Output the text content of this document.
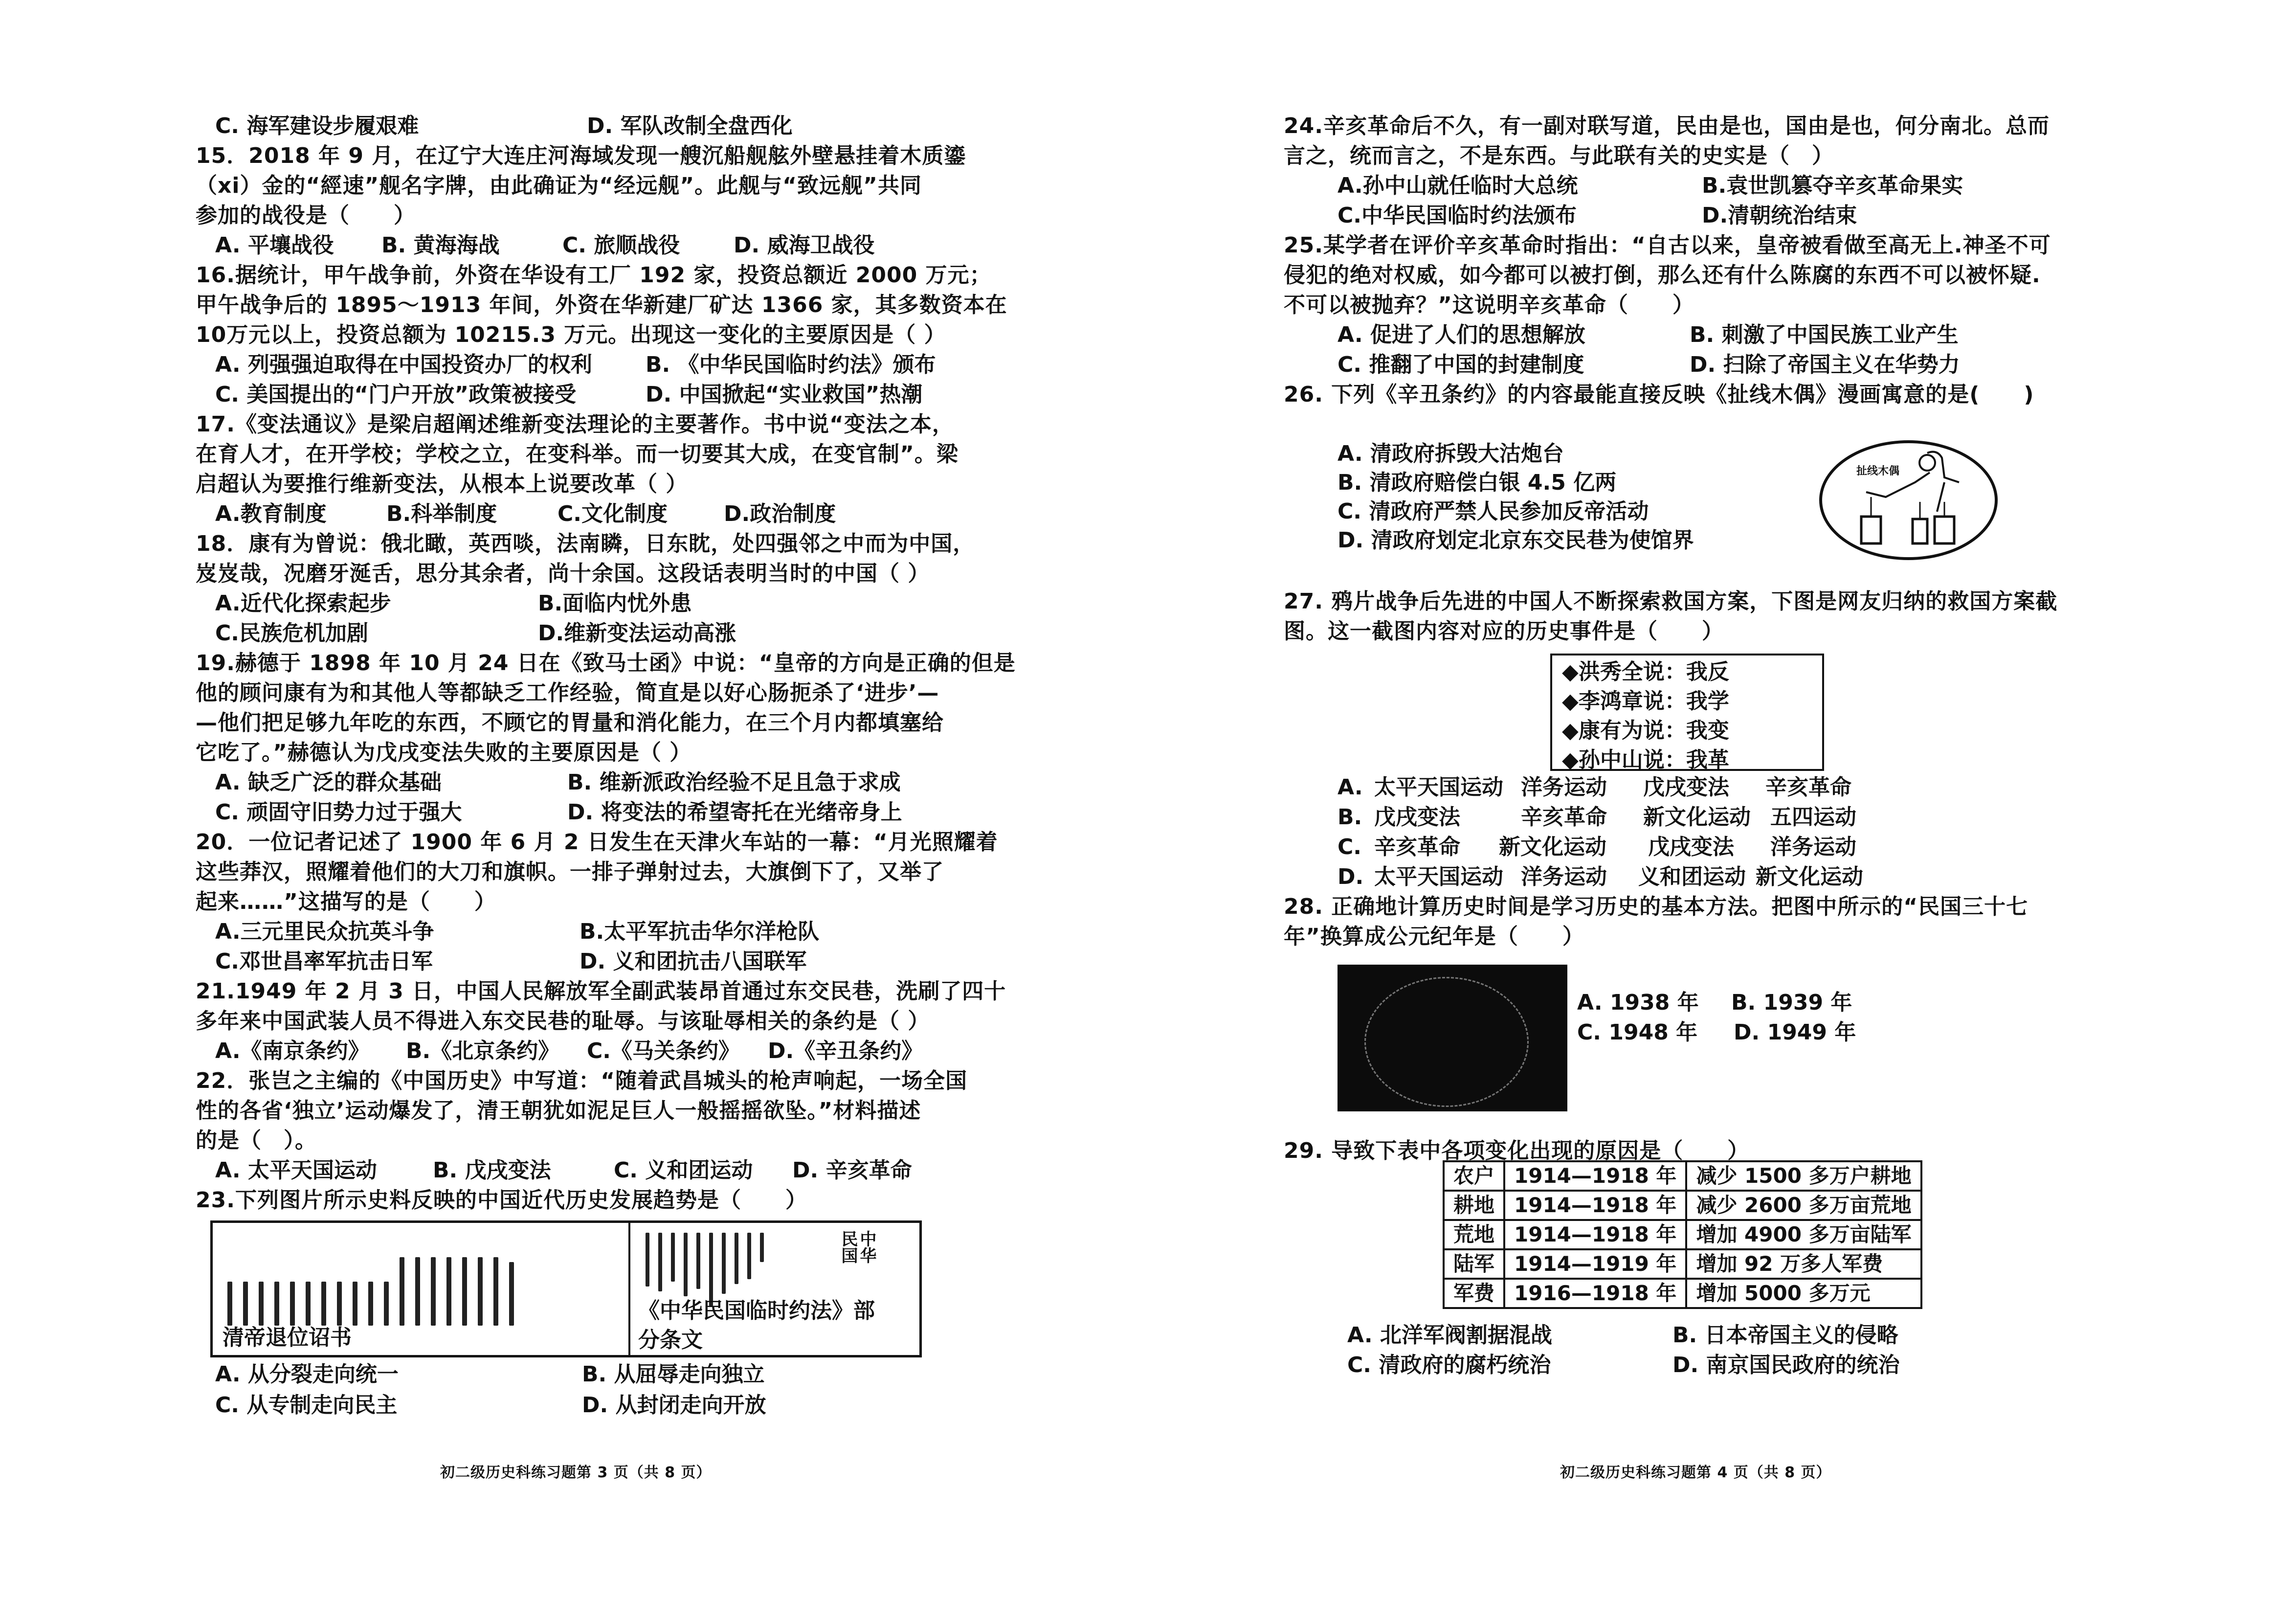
C. 海军建设步履艰难	D. 军队改制全盘西化
15．2018 年 9 月，在辽宁大连庄河海域发现一艘沉船舰舷外壁悬挂着木质鎏
（xi）金的“經速”舰名字牌，由此确证为“经远舰”。此舰与“致远舰”共同
参加的战役是（　　）
A. 平壤战役 B. 黄海海战	C. 旅顺战役 D. 威海卫战役
16.据统计，甲午战争前，外资在华设有工厂 192 家，投资总额近 2000 万元；
甲午战争后的 1895～1913 年间，外资在华新建厂矿达 1366 家，其多数资本在
10万元以上，投资总额为 10215.3 万元。出现这一变化的主要原因是（ ）
A. 列强强迫取得在中国投资办厂的权利 B. 《中华民国临时约法》颁布
C. 美国提出的“门户开放”政策被接受	D. 中国掀起“实业救国”热潮
17.《变法通议》是梁启超阐述维新变法理论的主要著作。书中说“变法之本，
在育人才，在开学校；学校之立，在变科举。而一切要其大成，在变官制”。梁
启超认为要推行维新变法，从根本上说要改革（ ）
A.教育制度	B.科举制度	C.文化制度	D.政治制度
18．康有为曾说：俄北瞰，英西啖，法南瞵，日东眈，处四强邻之中而为中国，
岌岌哉，况磨牙涎舌，思分其余者，尚十余国。这段话表明当时的中国（ ）
A.近代化探索起步	B.面临内忧外患
C.民族危机加剧	D.维新变法运动高涨
19.赫德于 1898 年 10 月 24 日在《致马士函》中说：“皇帝的方向是正确的但是
他的顾问康有为和其他人等都缺乏工作经验，简直是以好心肠扼杀了‘进步’—
—他们把足够九年吃的东西，不顾它的胃量和消化能力，在三个月内都填塞给
它吃了。”赫德认为戊戌变法失败的主要原因是（ ）
A. 缺乏广泛的群众基础	B. 维新派政治经验不足且急于求成
C. 顽固守旧势力过于强大	D. 将变法的希望寄托在光绪帝身上
20．一位记者记述了 1900 年 6 月 2 日发生在天津火车站的一幕：“月光照耀着
这些莽汉，照耀着他们的大刀和旗帜。一排子弹射过去，大旗倒下了，又举了
起来……”这描写的是（　　）
A.三元里民众抗英斗争	B.太平军抗击华尔洋枪队
C.邓世昌率军抗击日军	D. 义和团抗击八国联军
21.1949 年 2 月 3 日，中国人民解放军全副武装昂首通过东交民巷，洗刷了四十
多年来中国武装人员不得进入东交民巷的耻辱。与该耻辱相关的条约是（ ）
A.《南京条约》 B.《北京条约》 C.《马关条约》 D.《辛丑条约》
22．张岂之主编的《中国历史》中写道：“随着武昌城头的枪声响起，一场全国
性的各省‘独立’运动爆发了，清王朝犹如泥足巨人一般摇摇欲坠。”材料描述
的是（　）。
A. 太平天国运动	B. 戊戌变法	C. 义和团运动 D. 辛亥革命
23.下列图片所示史料反映的中国近代历史发展趋势是（　　）
清帝退位诏书
中华
民国
《中华民国临时约法》部
分条文
A. 从分裂走向统一	B. 从屈辱走向独立
C. 从专制走向民主	D. 从封闭走向开放
初二级历史科练习题第 3 页（共 8 页）
24.辛亥革命后不久，有一副对联写道，民由是也，国由是也，何分南北。总而
言之，统而言之，不是东西。与此联有关的史实是（　）
A.孙中山就任临时大总统	B.袁世凯篡夺辛亥革命果实
C.中华民国临时约法颁布	D.清朝统治结束
25.某学者在评价辛亥革命时指出：“自古以来，皇帝被看做至高无上.神圣不可
侵犯的绝对权威，如今都可以被打倒，那么还有什么陈腐的东西不可以被怀疑.
不可以被抛弃？”这说明辛亥革命（　　）
A. 促进了人们的思想解放	B. 刺激了中国民族工业产生
C. 推翻了中国的封建制度	D. 扫除了帝国主义在华势力
26. 下列《辛丑条约》的内容最能直接反映《扯线木偶》漫画寓意的是(　　)
A. 清政府拆毁大沽炮台
B. 清政府赔偿白银 4.5 亿两
C. 清政府严禁人民参加反帝活动
D. 清政府划定北京东交民巷为使馆界
扯线木偶
27. 鸦片战争后先进的中国人不断探索救国方案，下图是网友归纳的救国方案截
图。这一截图内容对应的历史事件是（　　）
◆洪秀全说：我反
◆李鸿章说：我学
◆康有为说：我变
◆孙中山说：我革
A. 太平天国运动 洋务运动 戊戌变法 辛亥革命
B. 戊戌变法	辛亥革命 新文化运动 五四运动
C. 辛亥革命 新文化运动 戊戌变法 洋务运动
D. 太平天国运动 洋务运动 义和团运动 新文化运动
28. 正确地计算历史时间是学习历史的基本方法。把图中所示的“民国三十七
年”换算成公元纪年是（　　）
A. 1938 年 B. 1939 年
C. 1948 年 D. 1949 年
29. 导致下表中各项变化出现的原因是（　　）
农户	1914—1918 年	减少 1500 多万户耕地
耕地	1914—1918 年	减少 2600 多万亩荒地
荒地	1914—1918 年	增加 4900 多万亩陆军
陆军	1914—1919 年	增加 92 万多人军费
军费	1916—1918 年	增加 5000 多万元
A. 北洋军阀割据混战	B. 日本帝国主义的侵略
C. 清政府的腐朽统治	D. 南京国民政府的统治
初二级历史科练习题第 4 页（共 8 页）
